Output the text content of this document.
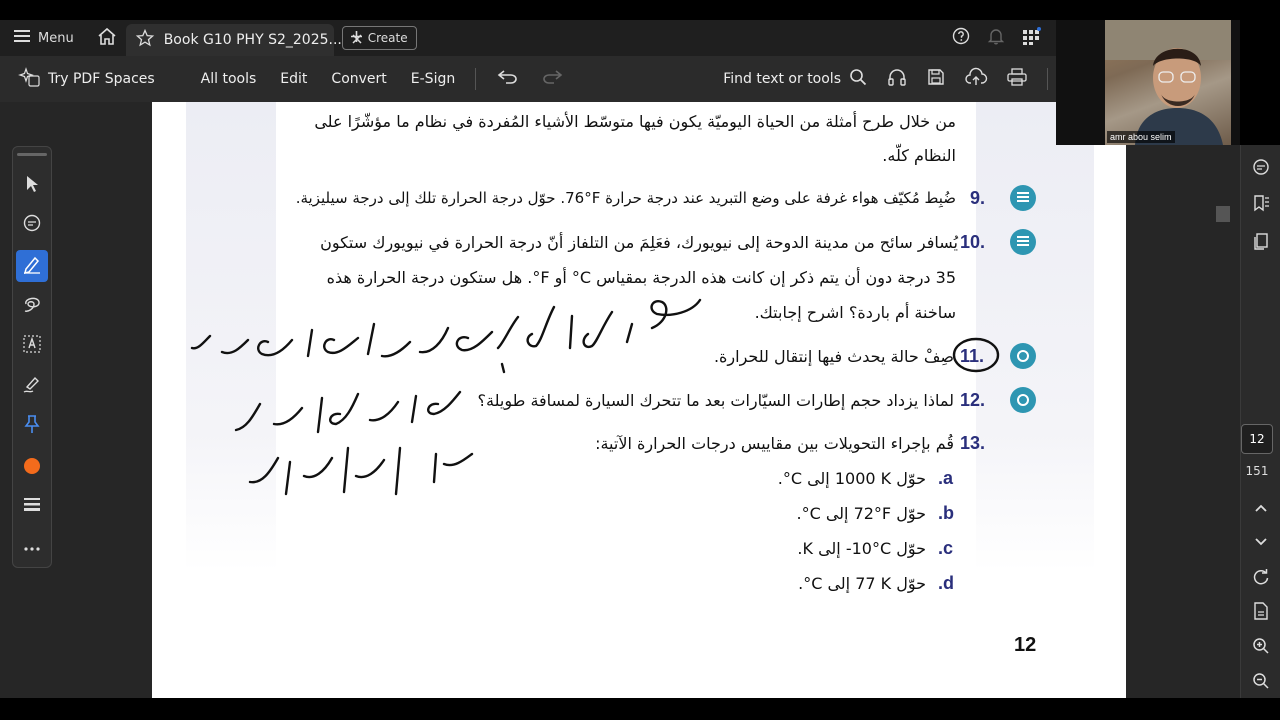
Menu	Book G10 PHY S2_2025... Create
Try PDF Spaces	All tools	Edit	Convert	E-Sign	Find text or tools
من خلال طرح أمثلة من الحياة اليوميّة يكون فيها متوسّط الأشياء المُفردة في نظام ما مؤشّرًا على
النظام كلّه.
9.
ضُبِط مُكيّف هواء غرفة على وضع التبريد عند درجة حرارة ‎76°F‎. حوّل درجة الحرارة تلك إلى درجة سيليزية.
10.
يُسافر سائح من مدينة الدوحة إلى نيويورك، فعَلِمَ من التلفاز أنّ درجة الحرارة في نيويورك ستكون
35 درجة دون أن يتم ذكر إن كانت هذه الدرجة بمقياس ‎°C‎ أو ‎°F‎. هل ستكون درجة الحرارة هذه
ساخنة أم باردة؟ اشرح إجابتك.
11.
صِفْ حالة يحدث فيها إنتقال للحرارة.
12.
لماذا يزداد حجم إطارات السيّارات بعد ما تتحرك السيارة لمسافة طويلة؟
13.
قُم بإجراء التحويلات بين مقاييس درجات الحرارة الآتية:
.a
حوّل ‎1000 K‎ إلى ‎°C‎.
.b
حوّل ‎72°F‎ إلى ‎°C‎.
.c
حوّل ‎-10°C‎ إلى ‎K‎.
.d
حوّل ‎77 K‎ إلى ‎°C‎.
12
12
151
amr abou selim
